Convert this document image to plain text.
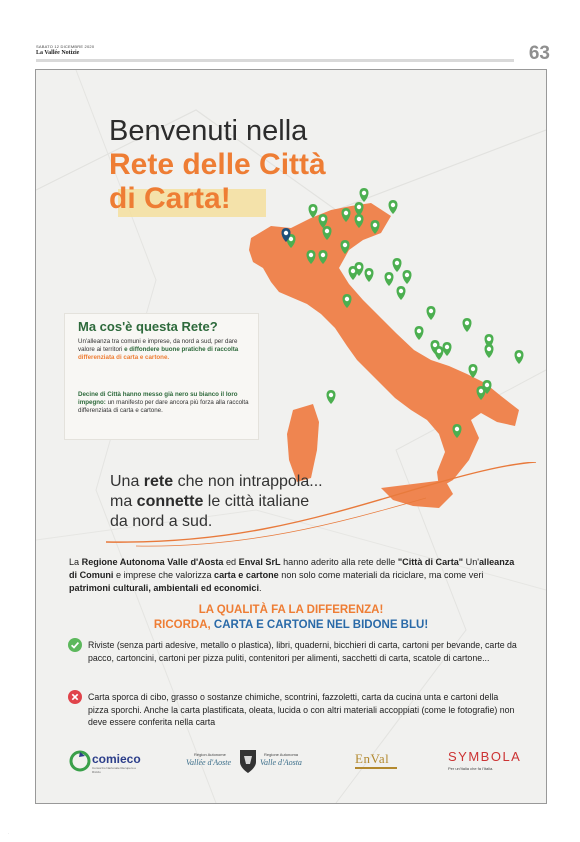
SABATO 12 DICEMBRE 2020
La Vallée Notizie	63
Benvenuti nella
Rete delle Città
di Carta!
Ma cos'è questa Rete?
Un'alleanza tra comuni e imprese, da nord a sud, per dare valore ai territori e diffondere buone pratiche di raccolta differenziata di carta e cartone.
Decine di Città hanno messo già nero su bianco il loro impegno: un manifesto per dare ancora più forza alla raccolta differenziata di carta e cartone.
Una rete che non intrappola...
ma connette le città italiane
da nord a sud.
La Regione Autonoma Valle d'Aosta ed Enval SrL hanno aderito alla rete delle "Città di Carta" Un'alleanza di Comuni e imprese che valorizza carta e cartone non solo come materiali da riciclare, ma come veri patrimoni culturali, ambientali ed economici.
LA QUALITÀ FA LA DIFFERENZA!
RICORDA, CARTA E CARTONE NEL BIDONE BLU!
Riviste (senza parti adesive, metallo o plastica), libri, quaderni, bicchieri di carta, cartoni per bevande, carte da pacco, cartoncini, cartoni per pizza puliti, contenitori per alimenti, sacchetti di carta, scatole di cartone...
Carta sporca di cibo, grasso o sostanze chimiche, scontrini, fazzoletti, carta da cucina unta e cartoni della pizza sporchi. Anche la carta plastificata, oleata, lucida o con altri materiali accoppiati (come le fotografie) non deve essere conferita nella carta
comieco
Consorzio Nazionale Recupero e Riciclo
Région Autonome
Vallée d'Aoste
Regione Autonoma
Valle d'Aosta	EnVal	SYMBOLA
Per un'Italia che fa l'Italia.
.
